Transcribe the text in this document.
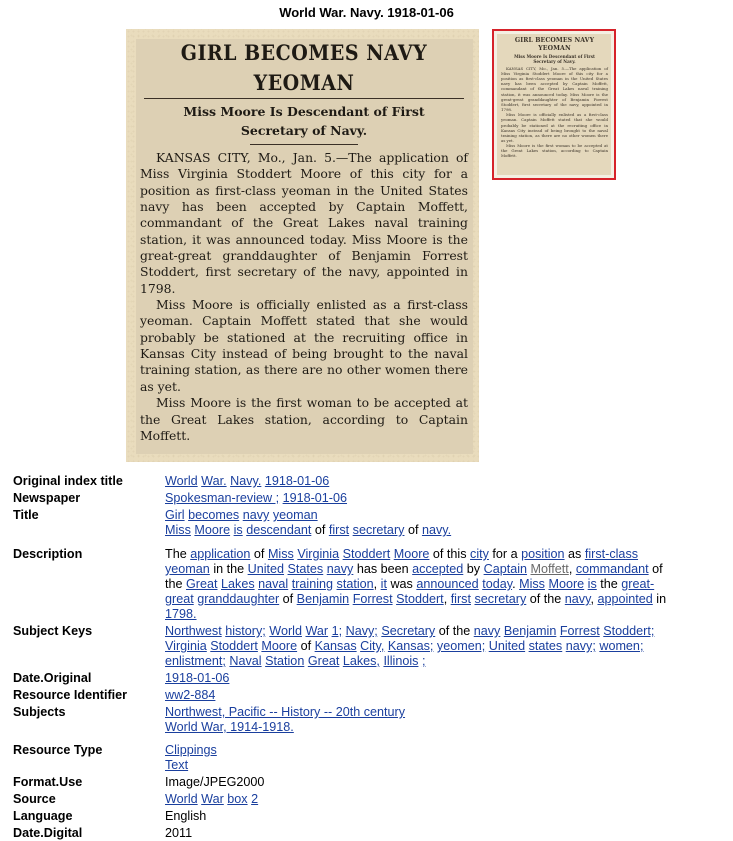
World War. Navy. 1918-01-06
GIRL BECOMES NAVY YEOMAN
Miss Moore Is Descendant of First Secretary of Navy.

KANSAS CITY, Mo., Jan. 5.—The application of Miss Virginia Stoddert Moore of this city for a position as first-class yeoman in the United States navy has been accepted by Captain Moffett, commandant of the Great Lakes naval training station, it was announced today. Miss Moore is the great-great granddaughter of Benjamin Forrest Stoddert, first secretary of the navy, appointed in 1798.

Miss Moore is officially enlisted as a first-class yeoman. Captain Moffett stated that she would probably be stationed at the recruiting office in Kansas City instead of being brought to the naval training station, as there are no other women there as yet.

Miss Moore is the first woman to be accepted at the Great Lakes station, according to Captain Moffett.

GIRL BECOMES NAVY YEOMAN
Miss Moore Is Descendant of First Secretary of Navy.

KANSAS CITY, Mo., Jan. 5.—The application of Miss Virginia Stoddert Moore of this city for a position as first-class yeoman in the United States navy has been accepted by Captain Moffett, commandant of the Great Lakes naval training station, it was announced today. Miss Moore is the great-great granddaughter of Benjamin Forrest Stoddert, first secretary of the navy, appointed in 1798.

Miss Moore is officially enlisted as a first-class yeoman. Captain Moffett stated that she would probably be stationed at the recruiting office in Kansas City instead of being brought to the naval training station, as there are no other women there as yet.

Miss Moore is the first woman to be accepted at the Great Lakes station, according to Captain Moffett.

Original index title	World War. Navy. 1918-01-06
Newspaper	Spokesman-review ; 1918-01-06
Title	Girl becomes navy yeoman
Miss Moore is descendant of first secretary of navy.

Description	The application of Miss Virginia Stoddert Moore of this city for a position as first-class
yeoman in the United States navy has been accepted by Captain Moffett, commandant of
the Great Lakes naval training station, it was announced today. Miss Moore is the great-
great granddaughter of Benjamin Forrest Stoddert, first secretary of the navy, appointed in
1798.

Subject Keys	Northwest history; World War 1; Navy; Secretary of the navy Benjamin Forrest Stoddert;
Virginia Stoddert Moore of Kansas City, Kansas; yeomen; United states navy; women;
enlistment; Naval Station Great Lakes, Illinois ;

Date.Original	1918-01-06
Resource Identifier	ww2-884
Subjects	Northwest, Pacific -- History -- 20th century
World War, 1914-1918.

Resource Type	Clippings
Text

Format.Use	Image/JPEG2000
Source	World War box 2
Language	English
Date.Digital	2011
